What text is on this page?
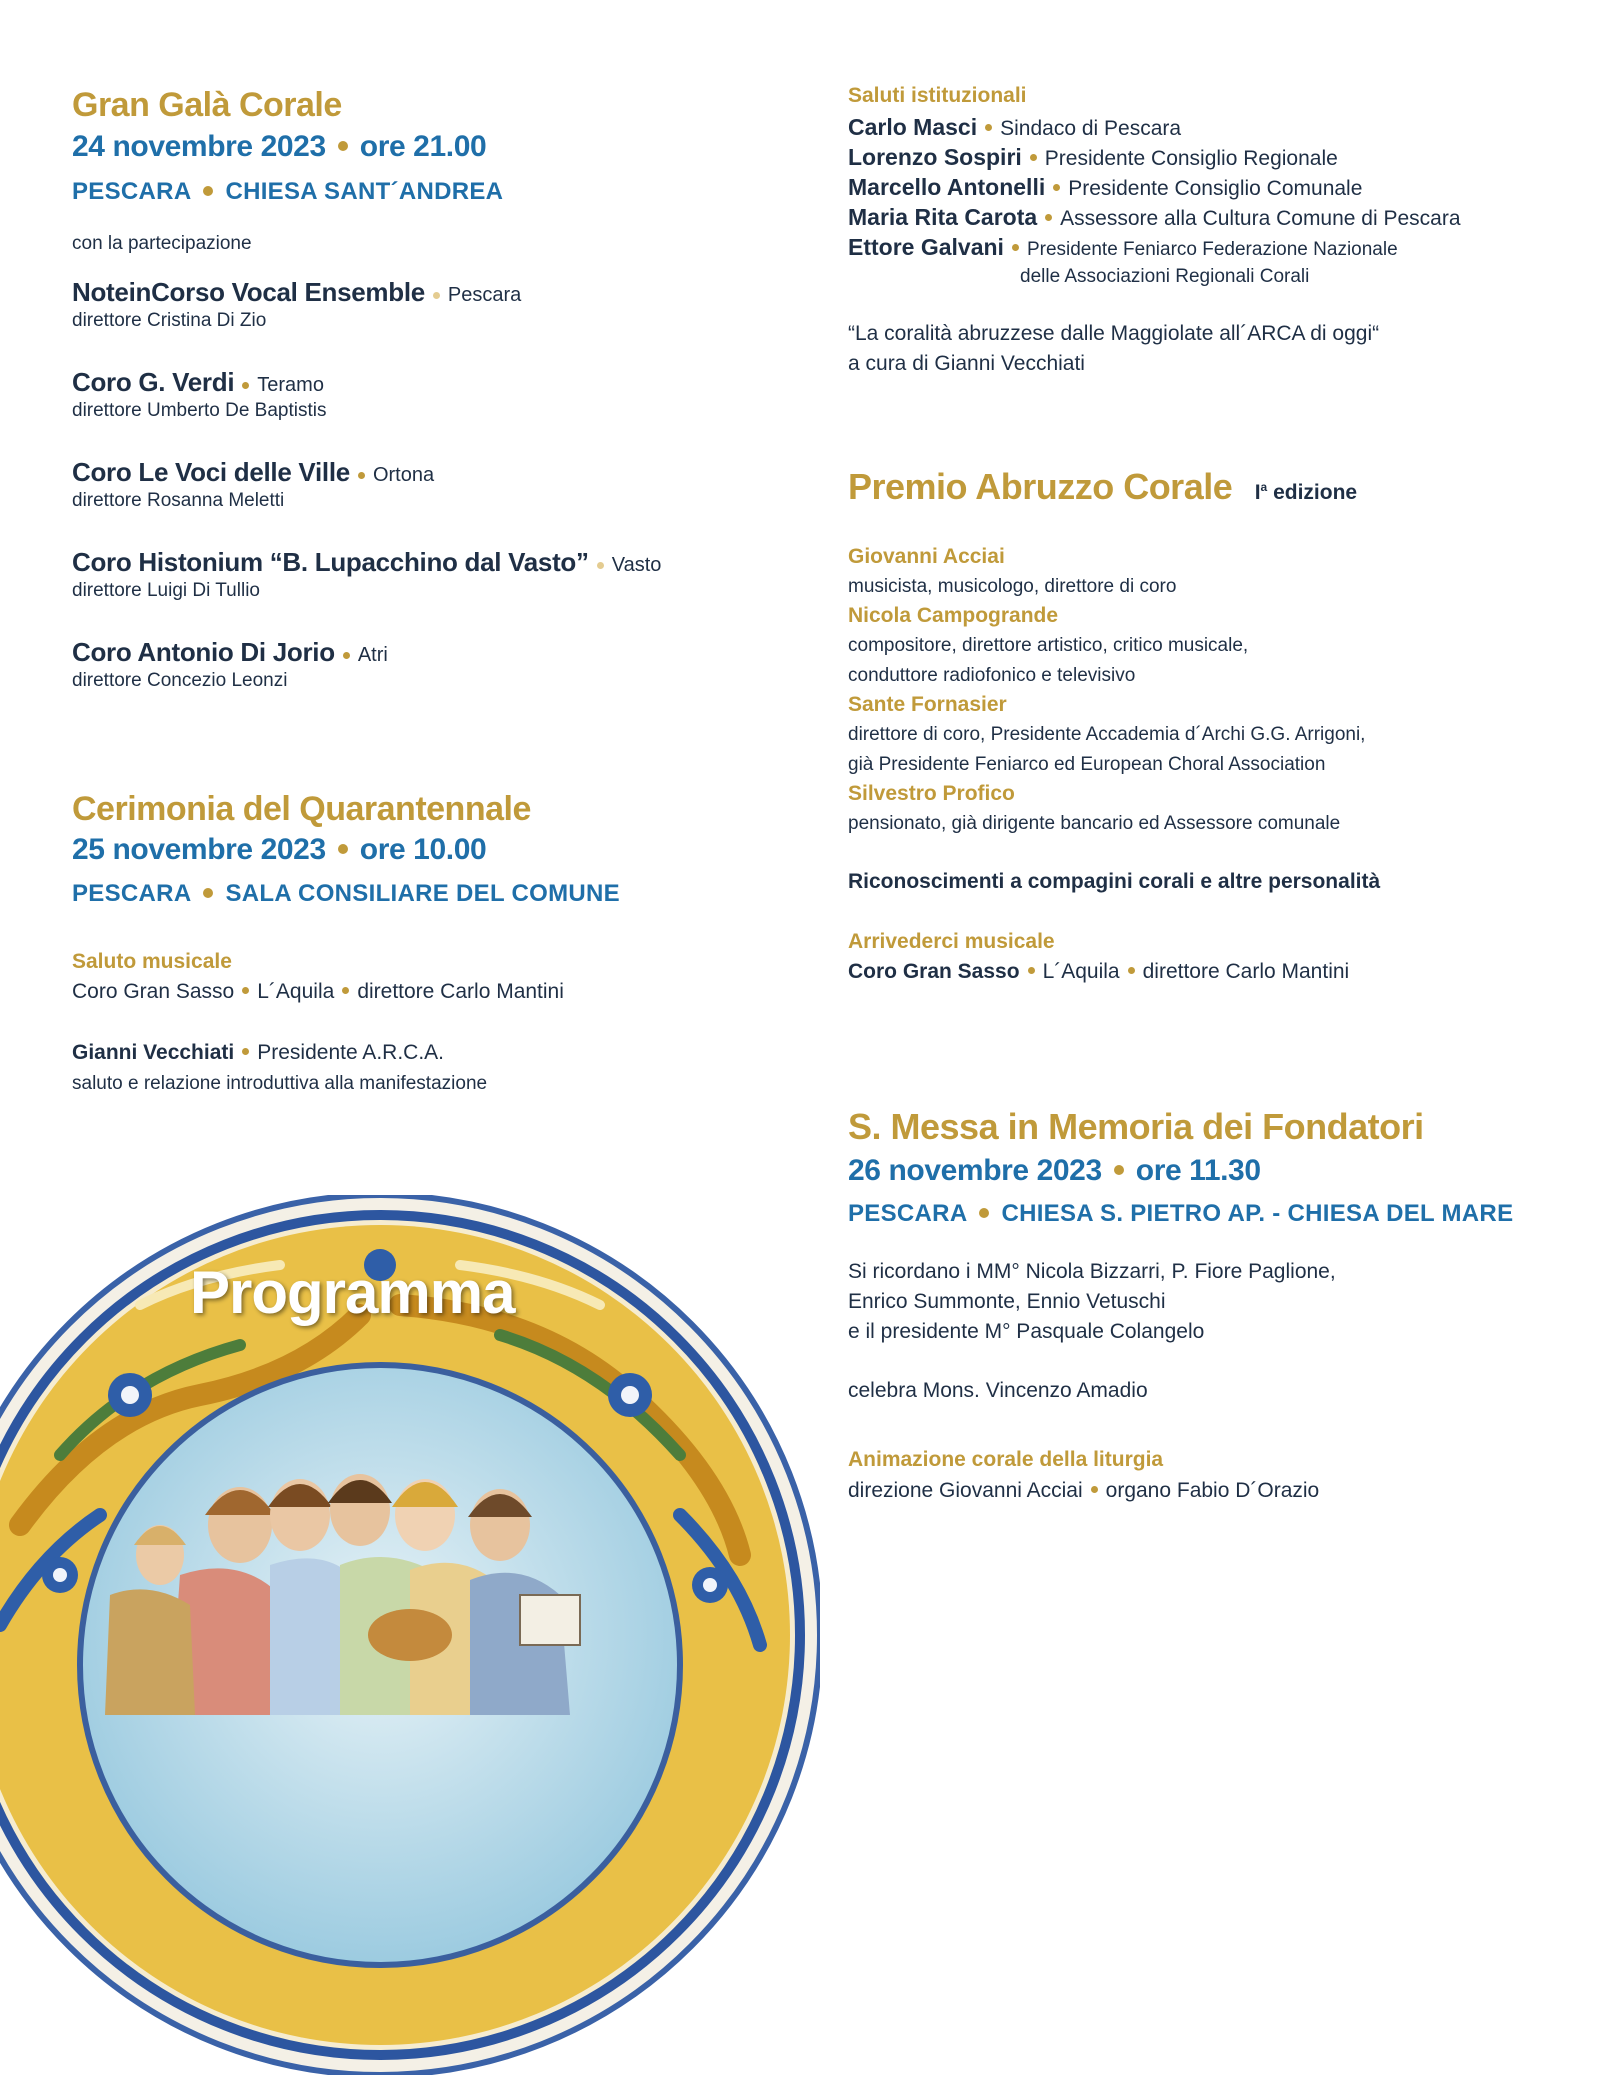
Gran Galà Corale
24 novembre 2023 ore 21.00
PESCARA CHIESA SANT´ANDREA
con la partecipazione
NoteinCorso Vocal Ensemble Pescara
direttore Cristina Di Zio
Coro G. Verdi Teramo
direttore Umberto De Baptistis
Coro Le Voci delle Ville Ortona
direttore Rosanna Meletti
Coro Histonium “B. Lupacchino dal Vasto” Vasto
direttore Luigi Di Tullio
Coro Antonio Di Jorio Atri
direttore Concezio Leonzi
Cerimonia del Quarantennale
25 novembre 2023 ore 10.00
PESCARA SALA CONSILIARE DEL COMUNE
Saluto musicale
Coro Gran Sasso L´Aquila direttore Carlo Mantini
Gianni Vecchiati Presidente A.R.C.A.
saluto e relazione introduttiva alla manifestazione
Programma
Saluti istituzionali
Carlo Masci Sindaco di Pescara
Lorenzo Sospiri Presidente Consiglio Regionale
Marcello Antonelli Presidente Consiglio Comunale
Maria Rita Carota Assessore alla Cultura Comune di Pescara
Ettore Galvani Presidente Feniarco Federazione Nazionale
delle Associazioni Regionali Corali
“La coralità abruzzese dalle Maggiolate all´ARCA di oggi“
a cura di Gianni Vecchiati
Premio Abruzzo Corale $I^a$ edizione
Giovanni Acciai
musicista, musicologo, direttore di coro
Nicola Campogrande
compositore, direttore artistico, critico musicale,
conduttore radiofonico e televisivo
Sante Fornasier
direttore di coro, Presidente Accademia d´Archi G.G. Arrigoni,
già Presidente Feniarco ed European Choral Association
Silvestro Profico
pensionato, già dirigente bancario ed Assessore comunale
Riconoscimenti a compagini corali e altre personalità
Arrivederci musicale
Coro Gran Sasso L´Aquila direttore Carlo Mantini
S. Messa in Memoria dei Fondatori
26 novembre 2023 ore 11.30
PESCARA CHIESA S. PIETRO AP. - CHIESA DEL MARE
Si ricordano i MM° Nicola Bizzarri, P. Fiore Paglione,
Enrico Summonte, Ennio Vetuschi
e il presidente M° Pasquale Colangelo
celebra Mons. Vincenzo Amadio
Animazione corale della liturgia
direzione Giovanni Acciai organo Fabio D´Orazio
